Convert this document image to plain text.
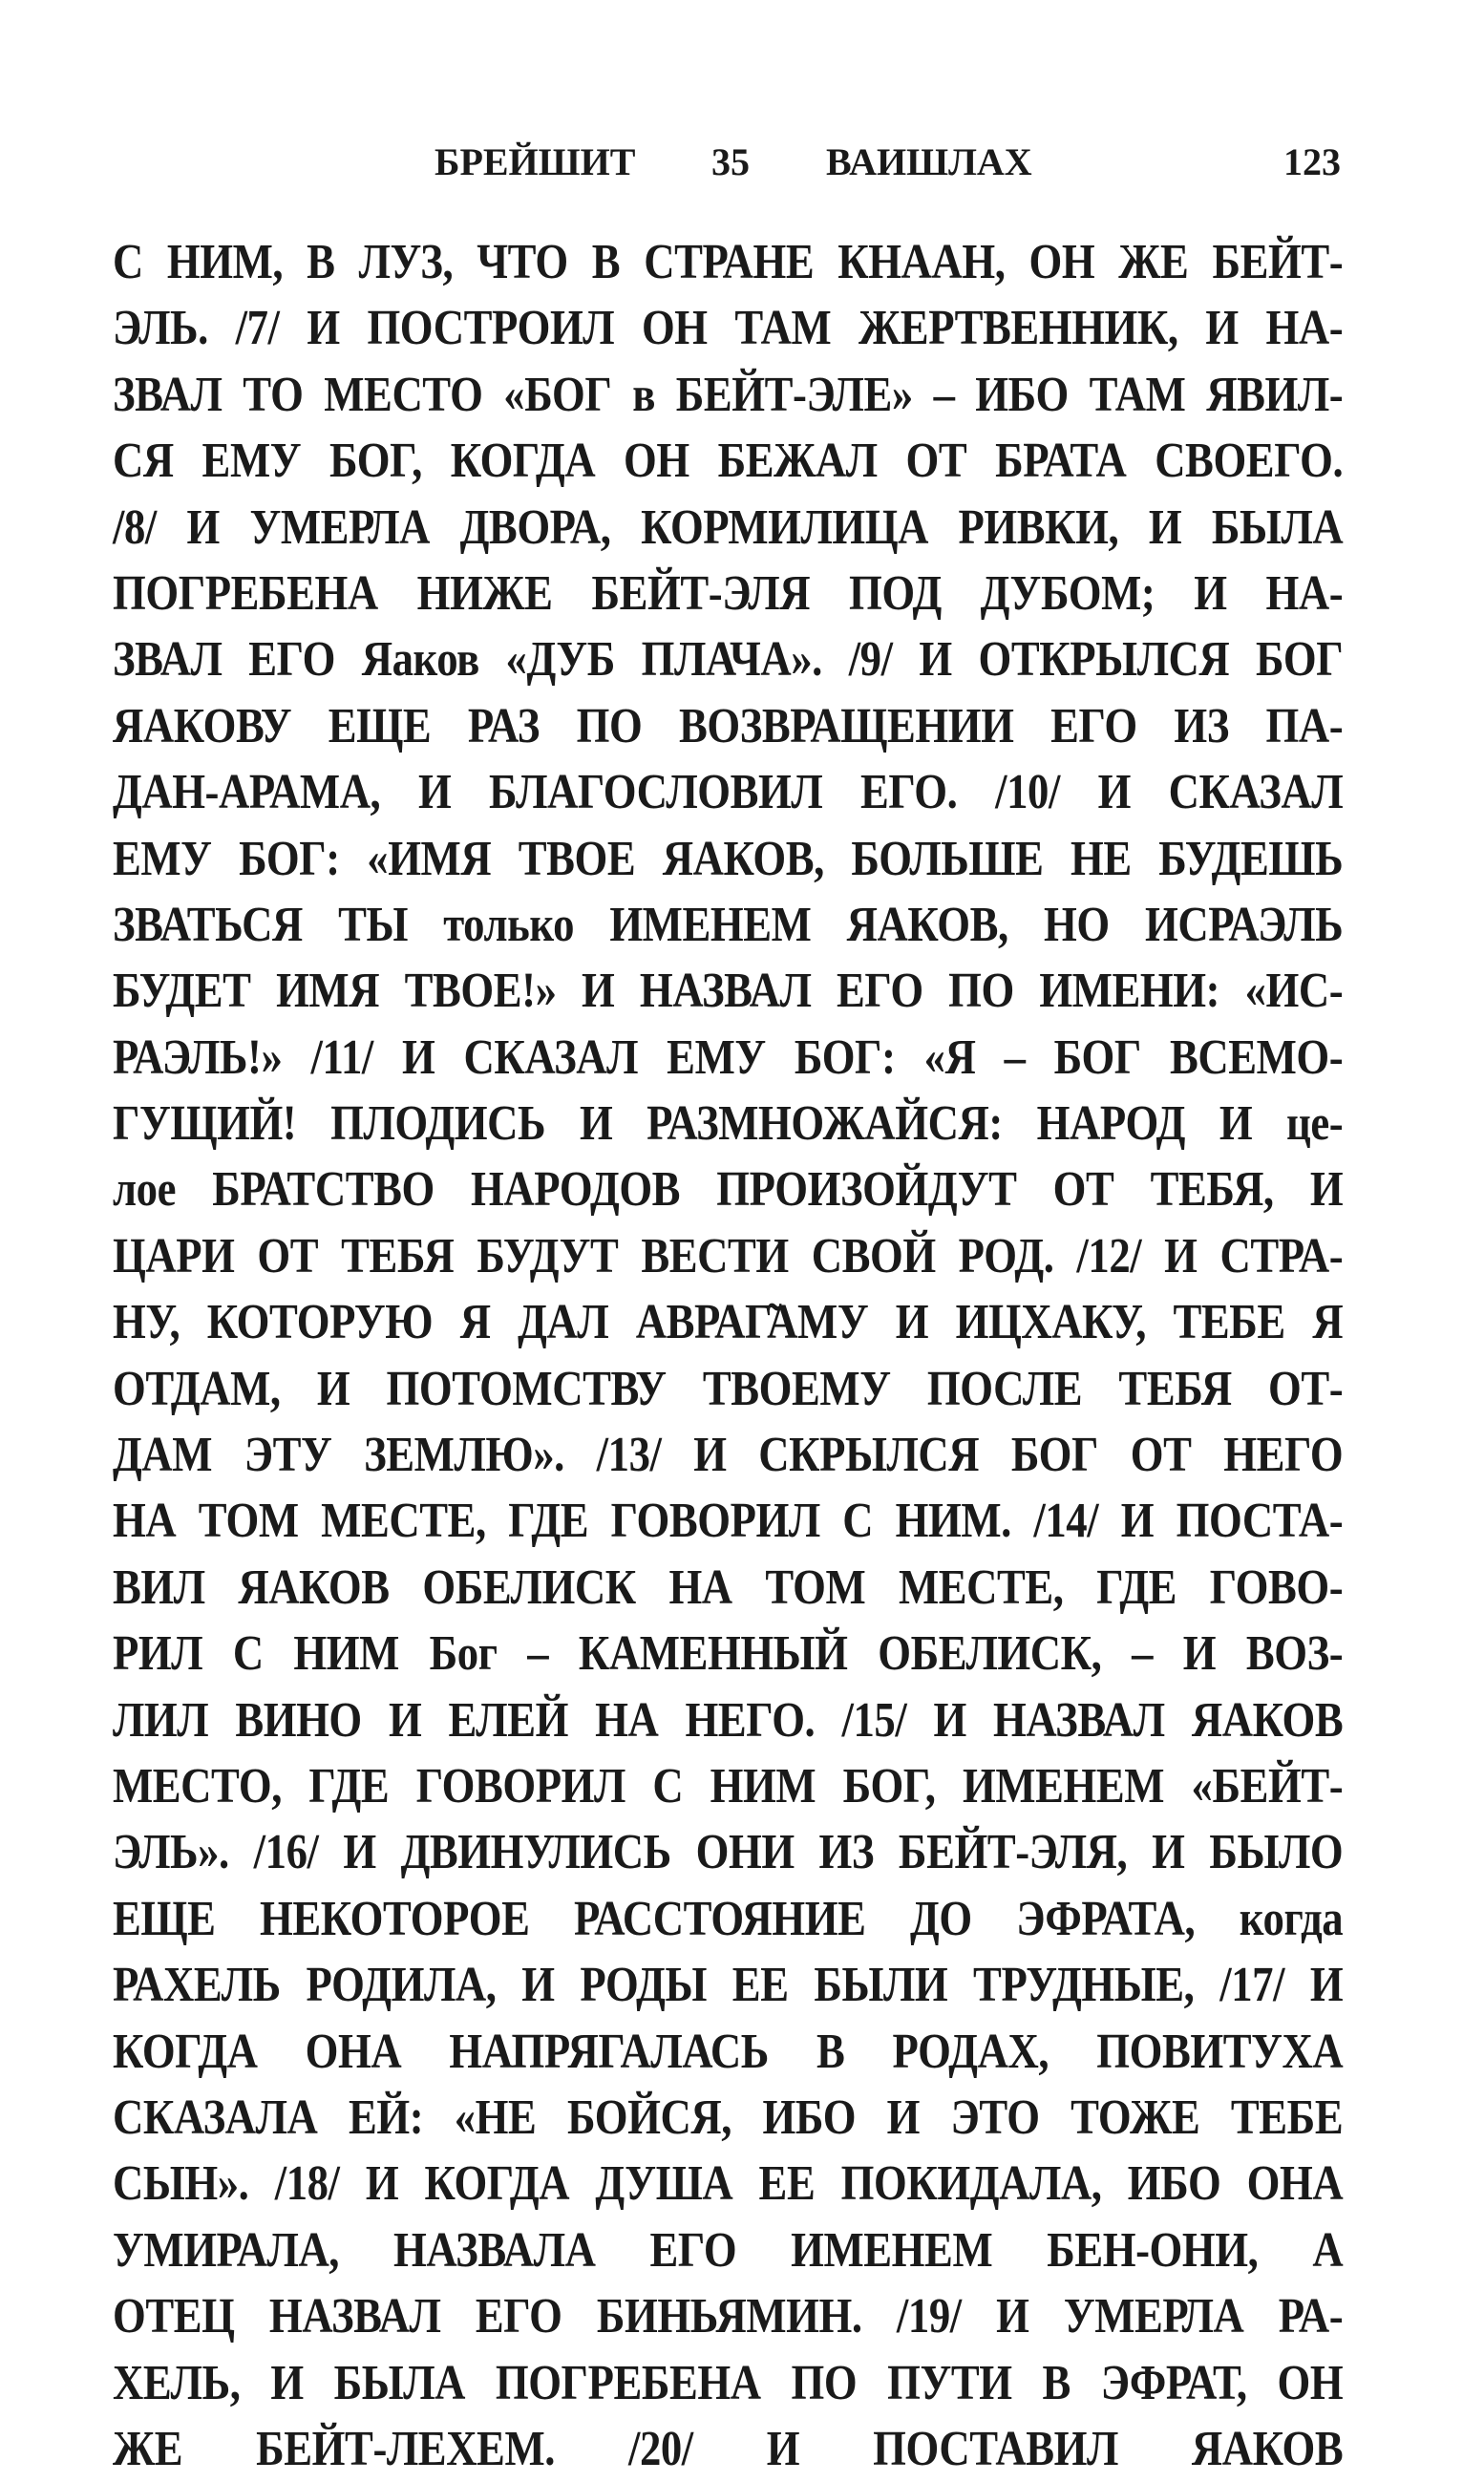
БРЕЙШИТ 35 ВАИШЛАХ	123
С НИМ, В ЛУЗ, ЧТО В СТРАНЕ КНААН, ОН ЖЕ БЕЙТ-
ЭЛЬ. /7/ И ПОСТРОИЛ ОН ТАМ ЖЕРТВЕННИК, И НА-
ЗВАЛ ТО МЕСТО «БОГ в БЕЙТ-ЭЛЕ» – ИБО ТАМ ЯВИЛ-
СЯ ЕМУ БОГ, КОГДА ОН БЕЖАЛ ОТ БРАТА СВОЕГО.
/8/ И УМЕРЛА ДВОРА, КОРМИЛИЦА РИВКИ, И БЫЛА
ПОГРЕБЕНА НИЖЕ БЕЙТ-ЭЛЯ ПОД ДУБОМ; И НА-
ЗВАЛ ЕГО Яаков «ДУБ ПЛАЧА». /9/ И ОТКРЫЛСЯ БОГ
ЯАКОВУ ЕЩЕ РАЗ ПО ВОЗВРАЩЕНИИ ЕГО ИЗ ПА-
ДАН-АРАМА, И БЛАГОСЛОВИЛ ЕГО. /10/ И СКАЗАЛ
ЕМУ БОГ: «ИМЯ ТВОЕ ЯАКОВ, БОЛЬШЕ НЕ БУДЕШЬ
ЗВАТЬСЯ ТЫ только ИМЕНЕМ ЯАКОВ, НО ИСРАЭЛЬ
БУДЕТ ИМЯ ТВОЕ!» И НАЗВАЛ ЕГО ПО ИМЕНИ: «ИС-
РАЭЛЬ!» /11/ И СКАЗАЛ ЕМУ БОГ: «Я – БОГ ВСЕМО-
ГУЩИЙ! ПЛОДИСЬ И РАЗМНОЖАЙСЯ: НАРОД И це-
лое БРАТСТВО НАРОДОВ ПРОИЗОЙДУТ ОТ ТЕБЯ, И
ЦАРИ ОТ ТЕБЯ БУДУТ ВЕСТИ СВОЙ РОД. /12/ И СТРА-
НУ, КОТОРУЮ Я ДАЛ АВРАГ̃АМУ И ИЦХАКУ, ТЕБЕ Я
ОТДАМ, И ПОТОМСТВУ ТВОЕМУ ПОСЛЕ ТЕБЯ ОТ-
ДАМ ЭТУ ЗЕМЛЮ». /13/ И СКРЫЛСЯ БОГ ОТ НЕГО
НА ТОМ МЕСТЕ, ГДЕ ГОВОРИЛ С НИМ. /14/ И ПОСТА-
ВИЛ ЯАКОВ ОБЕЛИСК НА ТОМ МЕСТЕ, ГДЕ ГОВО-
РИЛ С НИМ Бог – КАМЕННЫЙ ОБЕЛИСК, – И ВОЗ-
ЛИЛ ВИНО И ЕЛЕЙ НА НЕГО. /15/ И НАЗВАЛ ЯАКОВ
МЕСТО, ГДЕ ГОВОРИЛ С НИМ БОГ, ИМЕНЕМ «БЕЙТ-
ЭЛЬ». /16/ И ДВИНУЛИСЬ ОНИ ИЗ БЕЙТ-ЭЛЯ, И БЫЛО
ЕЩЕ НЕКОТОРОЕ РАССТОЯНИЕ ДО ЭФРАТА, когда
РАХЕЛЬ РОДИЛА, И РОДЫ ЕЕ БЫЛИ ТРУДНЫЕ, /17/ И
КОГДА ОНА НАПРЯГАЛАСЬ В РОДАХ, ПОВИТУХА
СКАЗАЛА ЕЙ: «НЕ БОЙСЯ, ИБО И ЭТО ТОЖЕ ТЕБЕ
СЫН». /18/ И КОГДА ДУША ЕЕ ПОКИДАЛА, ИБО ОНА
УМИРАЛА, НАЗВАЛА ЕГО ИМЕНЕМ БЕН-ОНИ, А
ОТЕЦ НАЗВАЛ ЕГО БИНЬЯМИН. /19/ И УМЕРЛА РА-
ХЕЛЬ, И БЫЛА ПОГРЕБЕНА ПО ПУТИ В ЭФРАТ, ОН
ЖЕ БЕЙТ-ЛЕХЕМ. /20/ И ПОСТАВИЛ ЯАКОВ
